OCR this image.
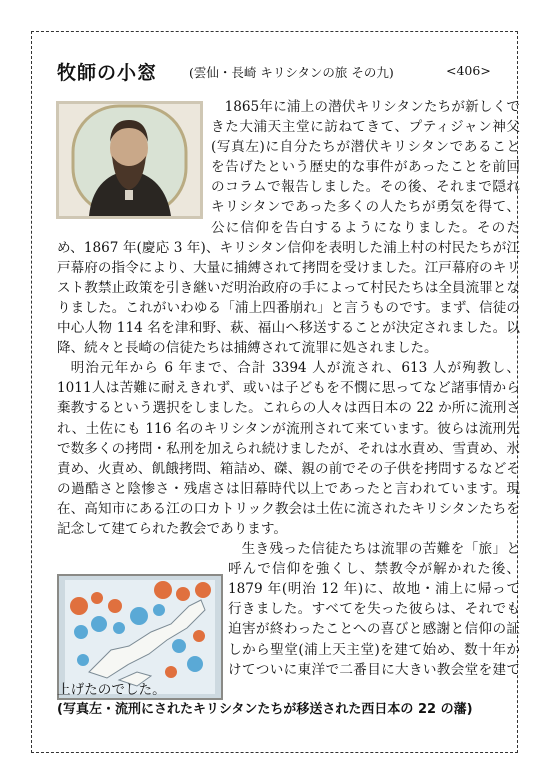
牧師の小窓	(雲仙・長崎 キリシタンの旅 その九)	<406>

1865年に浦上の潜伏キリシタンたちが新しくできた大浦天主堂に訪ねてきて、プティジャン神父(写真左)に自分たちが潜伏キリシタンであることを告げたという歴史的な事件があったことを前回のコラムで報告しました。その後、それまで隠れキリシタンであった多くの人たちが勇気を得て、公に信仰を告白するようになりました。そのため、1867 年(慶応 3 年)、キリシタン信仰を表明した浦上村の村民たちが江戸幕府の指令により、大量に捕縛されて拷問を受けました。江戸幕府のキリスト教禁止政策を引き継いだ明治政府の手によって村民たちは全員流罪となりました。これがいわゆる「浦上四番崩れ」と言うものです。まず、信徒の中心人物 114 名を津和野、萩、福山へ移送することが決定されました。以降、続々と長崎の信徒たちは捕縛されて流罪に処されました。

明治元年から 6 年まで、合計 3394 人が流され、613 人が殉教し、1011人は苦難に耐えきれず、或いは子どもを不憫に思ってなど諸事情から棄教するという選択をしました。これらの人々は西日本の 22 か所に流刑され、土佐にも 116 名のキリシタンが流刑されて来ています。彼らは流刑先で数多くの拷問・私刑を加えられ続けましたが、それは水責め、雪責め、氷責め、火責め、飢餓拷問、箱詰め、磔、親の前でその子供を拷問するなどその過酷さと陰惨さ・残虐さは旧幕時代以上であったと言われています。現在、高知市にある江の口カトリック教会は土佐に流されたキリシタンたちを記念して建てられた教会であります。

生き残った信徒たちは流罪の苦難を「旅」と呼んで信仰を強くし、禁教令が解かれた後、1879 年(明治 12 年)に、故地・浦上に帰って行きました。すべてを失った彼らは、それでも迫害が終わったことへの喜びと感謝と信仰の証しから聖堂(浦上天主堂)を建て始め、数十年かけてついに東洋で二番目に大きい教会堂を建て上げたのでした。

(写真左・流刑にされたキリシタンたちが移送された西日本の 22 の藩)
